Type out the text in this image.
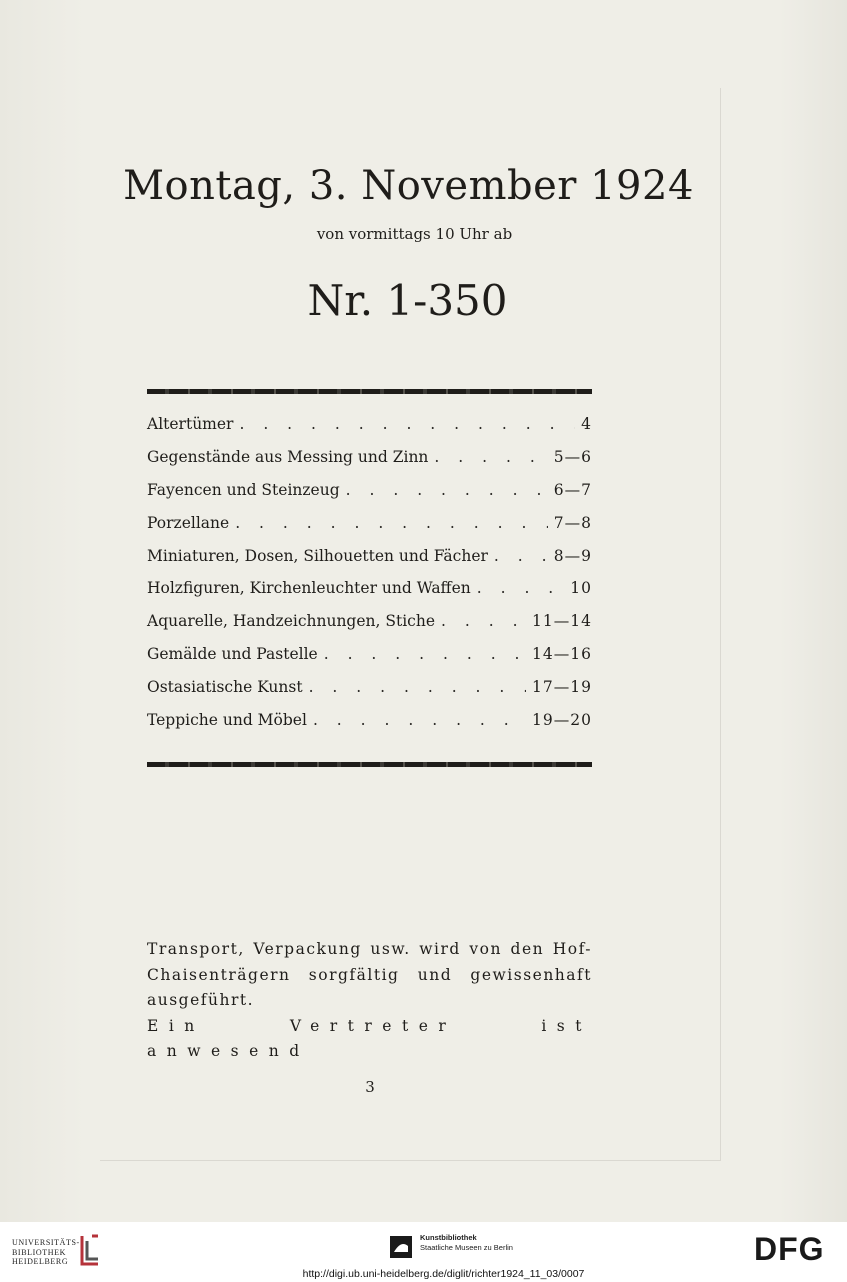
Montag, 3. November 1924
von vormittags 10 Uhr ab
Nr. 1-350
Altertümer . . .	4
Gegenstände aus Messing und Zinn . . .	5—6
Fayencen und Steinzeug . . .	6—7
Porzellane . . .	7—8
Miniaturen, Dosen, Silhouetten und Fächer . . .	8—9
Holzfiguren, Kirchenleuchter und Waffen . . .	10
Aquarelle, Handzeichnungen, Stiche . . .	11—14
Gemälde und Pastelle . . .	14—16
Ostasiatische Kunst . . .	17—19
Teppiche und Möbel . . .	19—20
Transport, Verpackung usw. wird von den Hof-
Chaisenträgern sorgfältig und gewissenhaft ausgeführt.
Ein Vertreter ist anwesend
3
UNIVERSITÄTS-
BIBLIOTHEK
HEIDELBERG
Kunstbibliothek
Staatliche Museen zu Berlin	DFG
http://digi.ub.uni-heidelberg.de/diglit/richter1924_11_03/0007
